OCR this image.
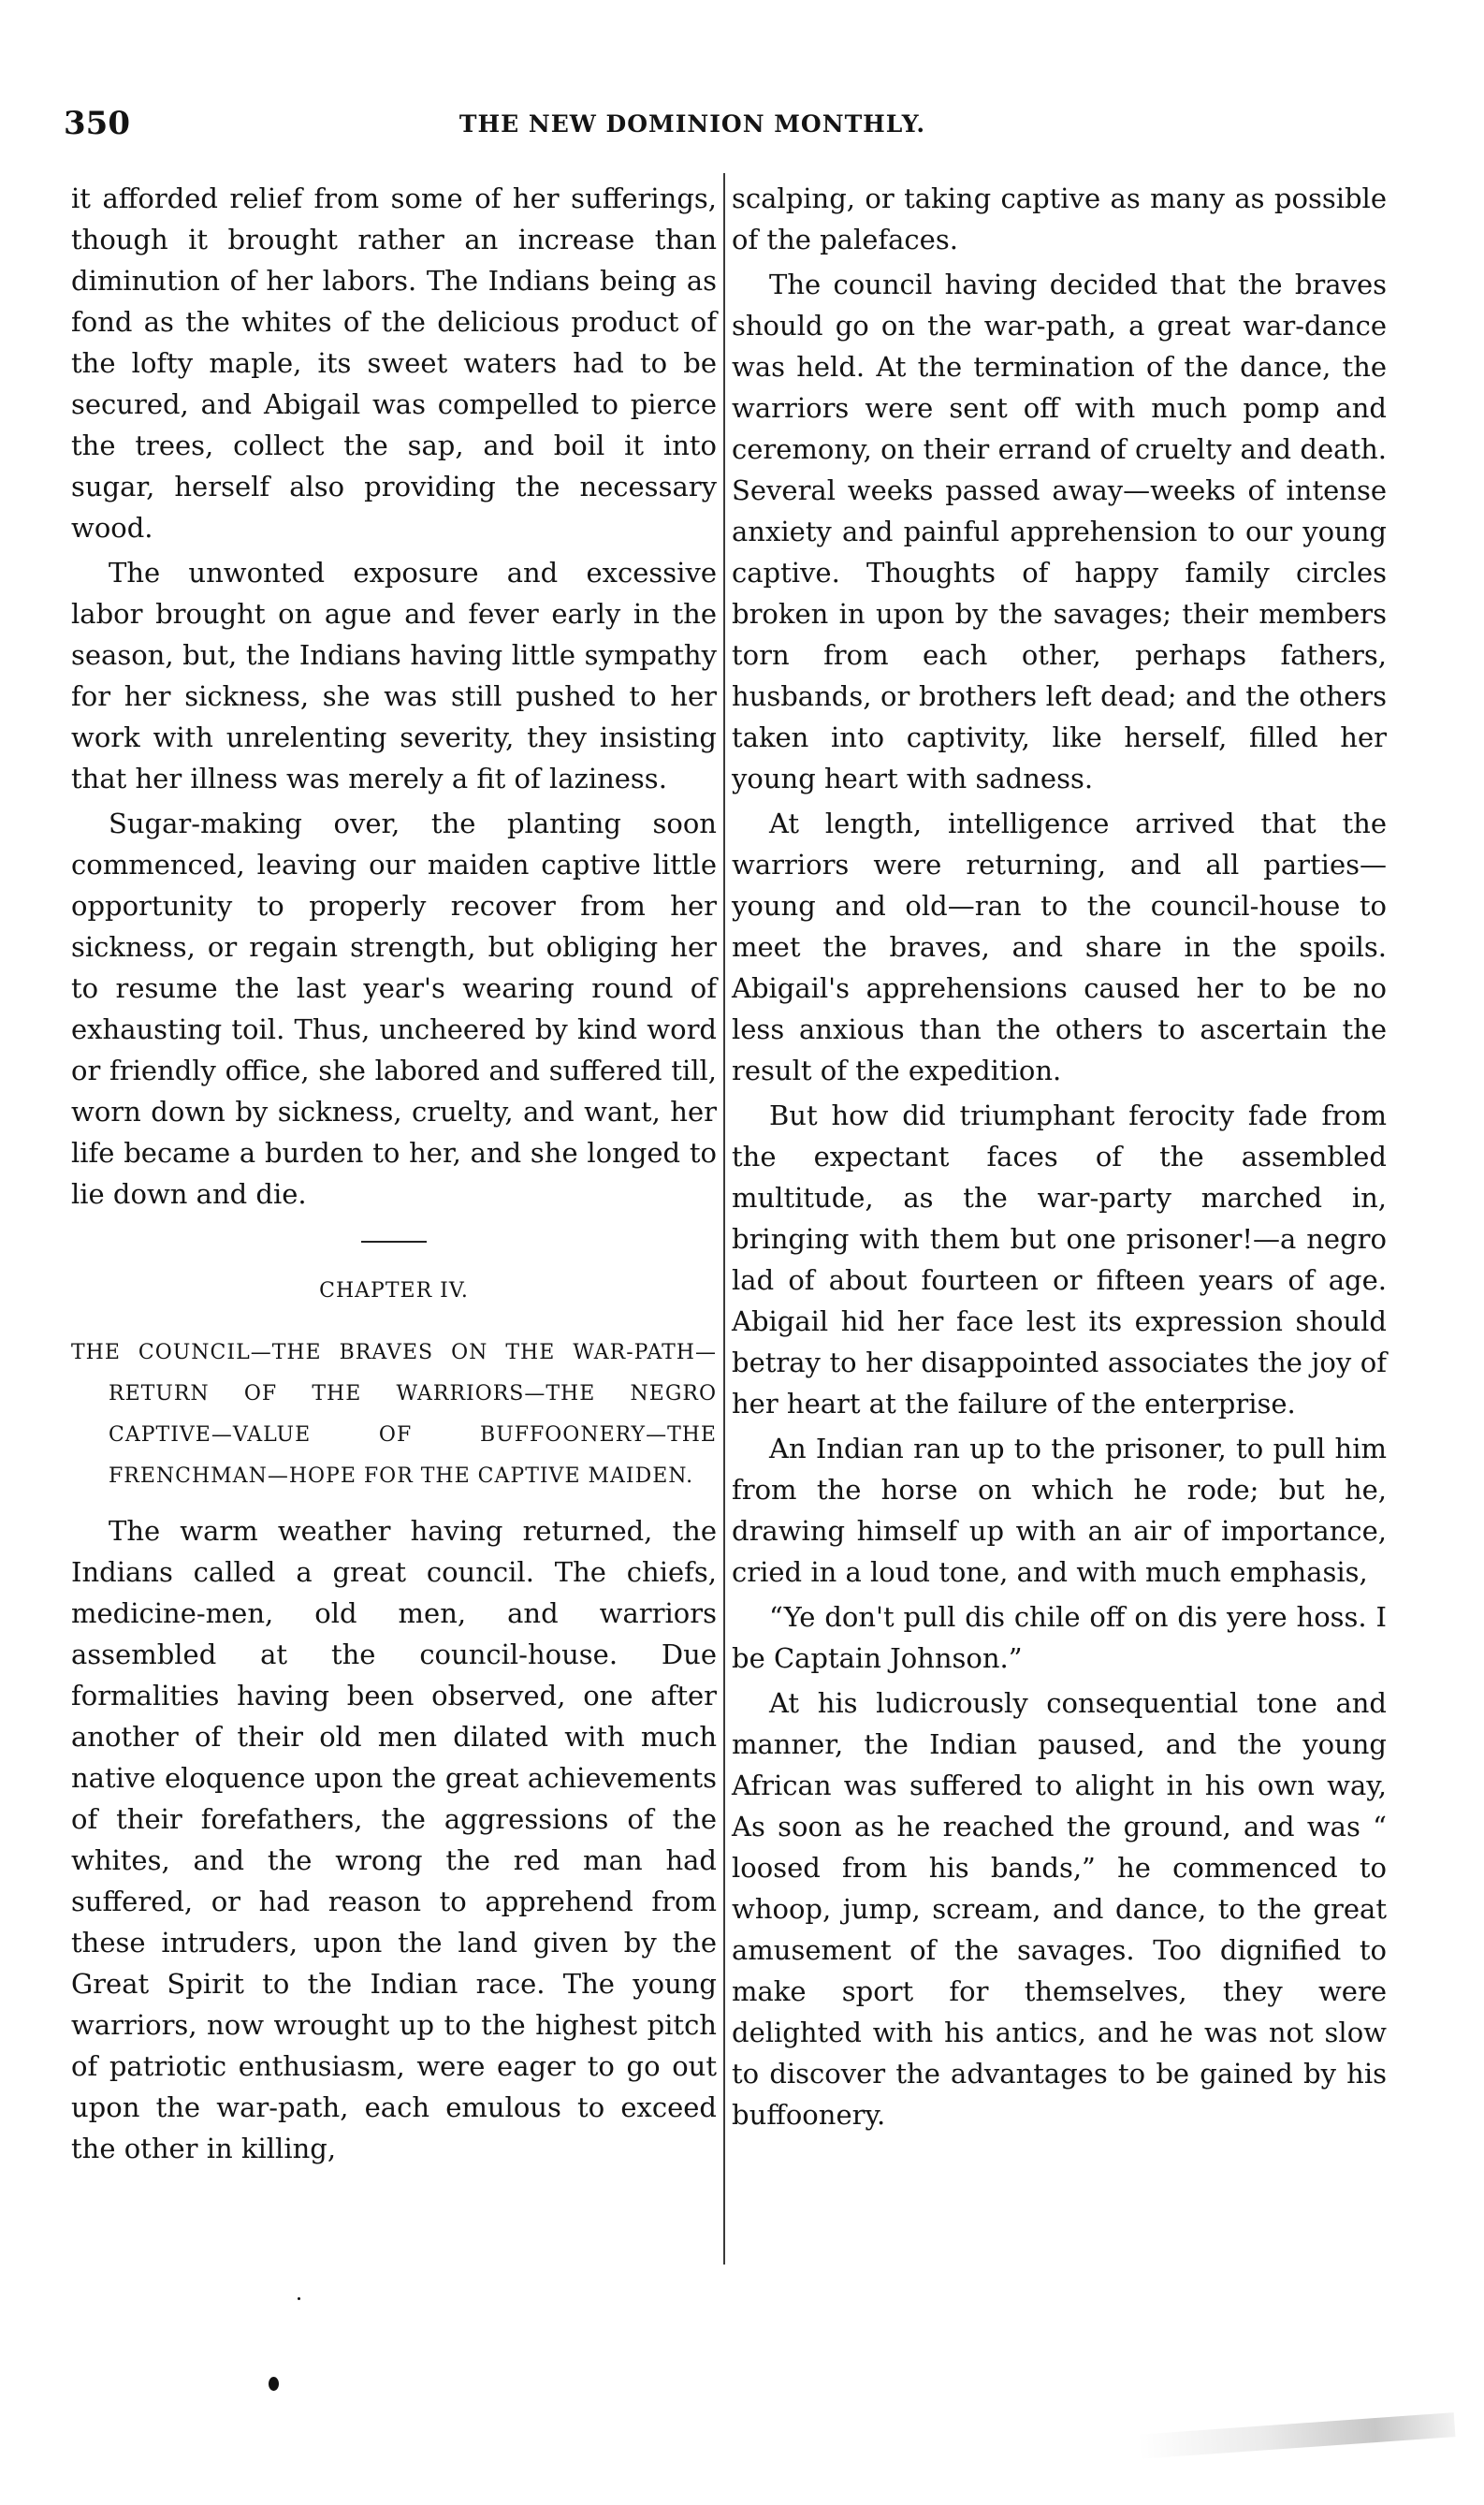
350	THE NEW DOMINION MONTHLY.

it afforded relief from some of her sufferings, though it brought rather an increase than diminution of her labors. The Indians being as fond as the whites of the delicious product of the lofty maple, its sweet waters had to be secured, and Abigail was compelled to pierce the trees, collect the sap, and boil it into sugar, herself also providing the necessary wood.

The unwonted exposure and excessive labor brought on ague and fever early in the season, but, the Indians having little sympathy for her sickness, she was still pushed to her work with unrelenting severity, they insisting that her illness was merely a fit of laziness.

Sugar-making over, the planting soon commenced, leaving our maiden captive little opportunity to properly recover from her sickness, or regain strength, but obliging her to resume the last year's wearing round of exhausting toil. Thus, uncheered by kind word or friendly office, she labored and suffered till, worn down by sickness, cruelty, and want, her life became a burden to her, and she longed to lie down and die.

CHAPTER IV.
THE COUNCIL—THE BRAVES ON THE WAR-PATH—RETURN OF THE WARRIORS—THE NEGRO CAPTIVE—VALUE OF BUFFOONERY—THE FRENCHMAN—HOPE FOR THE CAPTIVE MAIDEN.

The warm weather having returned, the Indians called a great council. The chiefs, medicine-men, old men, and warriors assembled at the council-house. Due formalities having been observed, one after another of their old men dilated with much native eloquence upon the great achievements of their forefathers, the aggressions of the whites, and the wrong the red man had suffered, or had reason to apprehend from these intruders, upon the land given by the Great Spirit to the Indian race. The young warriors, now wrought up to the highest pitch of patriotic enthusiasm, were eager to go out upon the war-path, each emulous to exceed the other in killing,

scalping, or taking captive as many as possible of the palefaces.

The council having decided that the braves should go on the war-path, a great war-dance was held. At the termination of the dance, the warriors were sent off with much pomp and ceremony, on their errand of cruelty and death. Several weeks passed away—weeks of intense anxiety and painful apprehension to our young captive. Thoughts of happy family circles broken in upon by the savages; their members torn from each other, perhaps fathers, husbands, or brothers left dead; and the others taken into captivity, like herself, filled her young heart with sadness.

At length, intelligence arrived that the warriors were returning, and all parties—young and old—ran to the council-house to meet the braves, and share in the spoils. Abigail's apprehensions caused her to be no less anxious than the others to ascertain the result of the expedition.

But how did triumphant ferocity fade from the expectant faces of the assembled multitude, as the war-party marched in, bringing with them but one prisoner!—a negro lad of about fourteen or fifteen years of age. Abigail hid her face lest its expression should betray to her disappointed associates the joy of her heart at the failure of the enterprise.

An Indian ran up to the prisoner, to pull him from the horse on which he rode; but he, drawing himself up with an air of importance, cried in a loud tone, and with much emphasis,

“Ye don't pull dis chile off on dis yere hoss. I be Captain Johnson.”

At his ludicrously consequential tone and manner, the Indian paused, and the young African was suffered to alight in his own way, As soon as he reached the ground, and was “ loosed from his bands,” he commenced to whoop, jump, scream, and dance, to the great amusement of the savages. Too dignified to make sport for themselves, they were delighted with his antics, and he was not slow to discover the advantages to be gained by his buffoonery.
